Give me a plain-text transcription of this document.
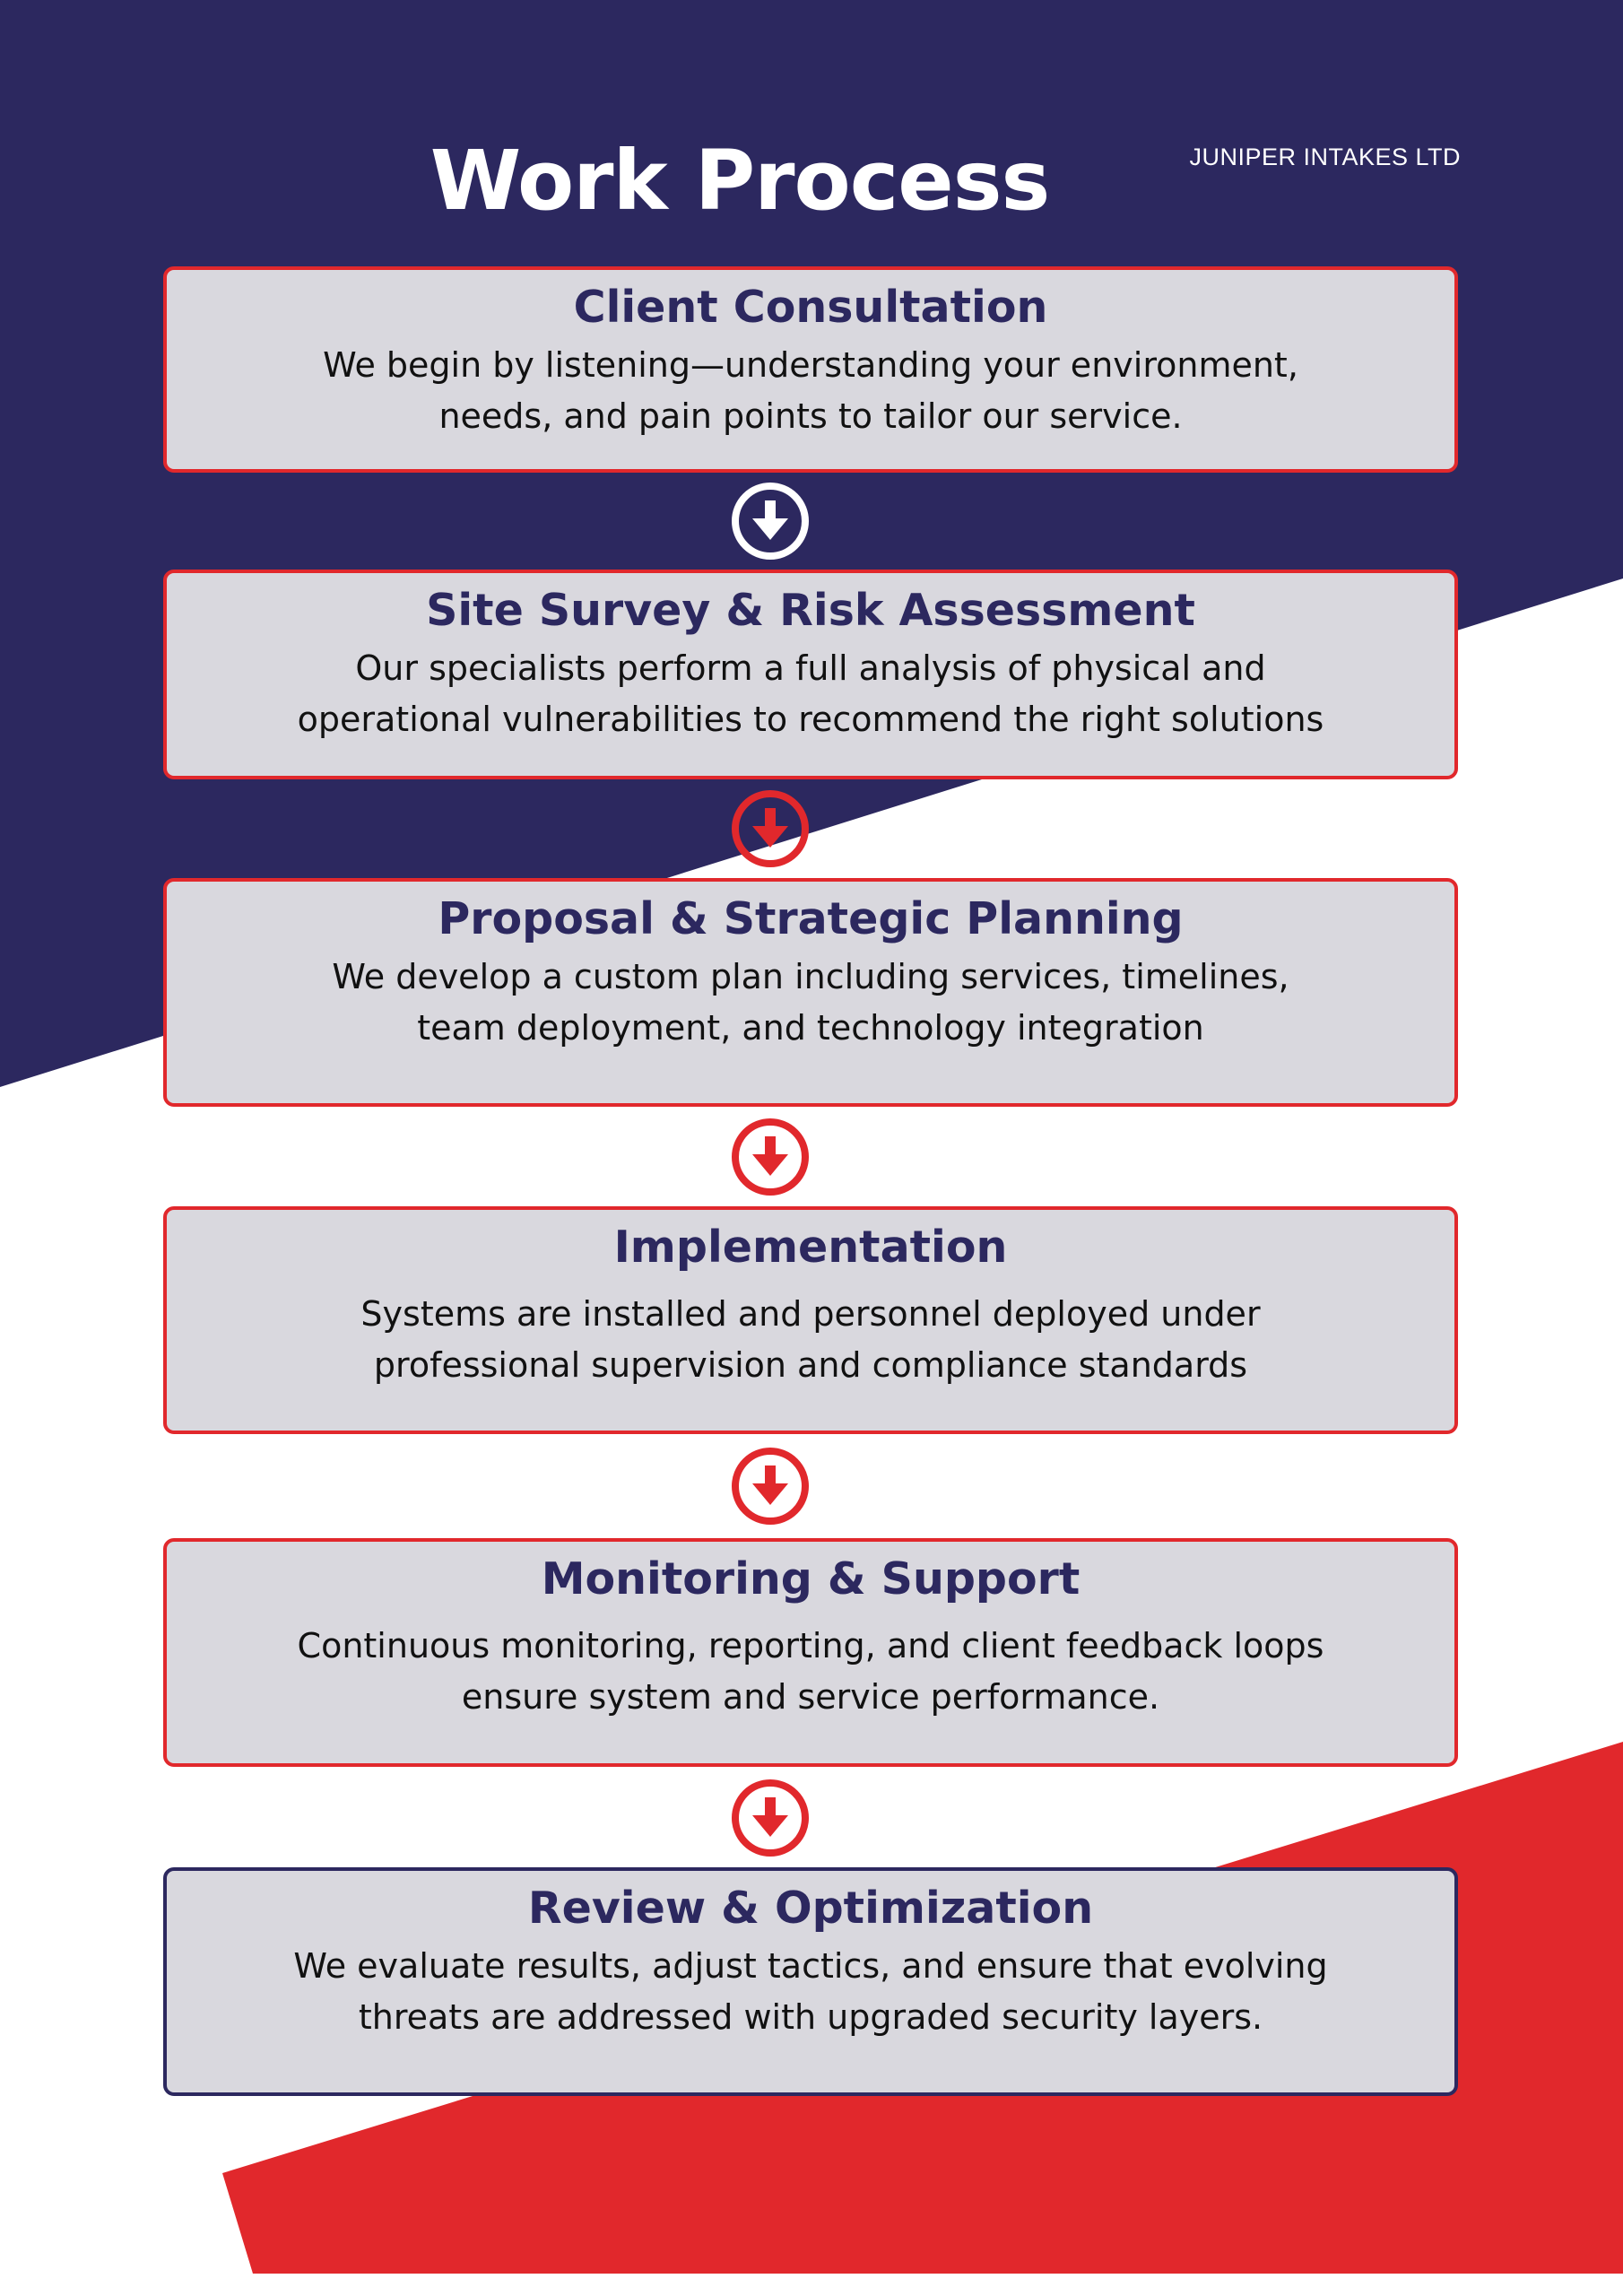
JUNIPER INTAKES LTD
Work Process
Client Consultation
We begin by listening—understanding your environment,
needs, and pain points to tailor our service.
Site Survey & Risk Assessment
Our specialists perform a full analysis of physical and
operational vulnerabilities to recommend the right solutions
Proposal & Strategic Planning
We develop a custom plan including services, timelines,
team deployment, and technology integration
Implementation
Systems are installed and personnel deployed under
professional supervision and compliance standards
Monitoring & Support
Continuous monitoring, reporting, and client feedback loops
ensure system and service performance.
Review & Optimization
We evaluate results, adjust tactics, and ensure that evolving
threats are addressed with upgraded security layers.
